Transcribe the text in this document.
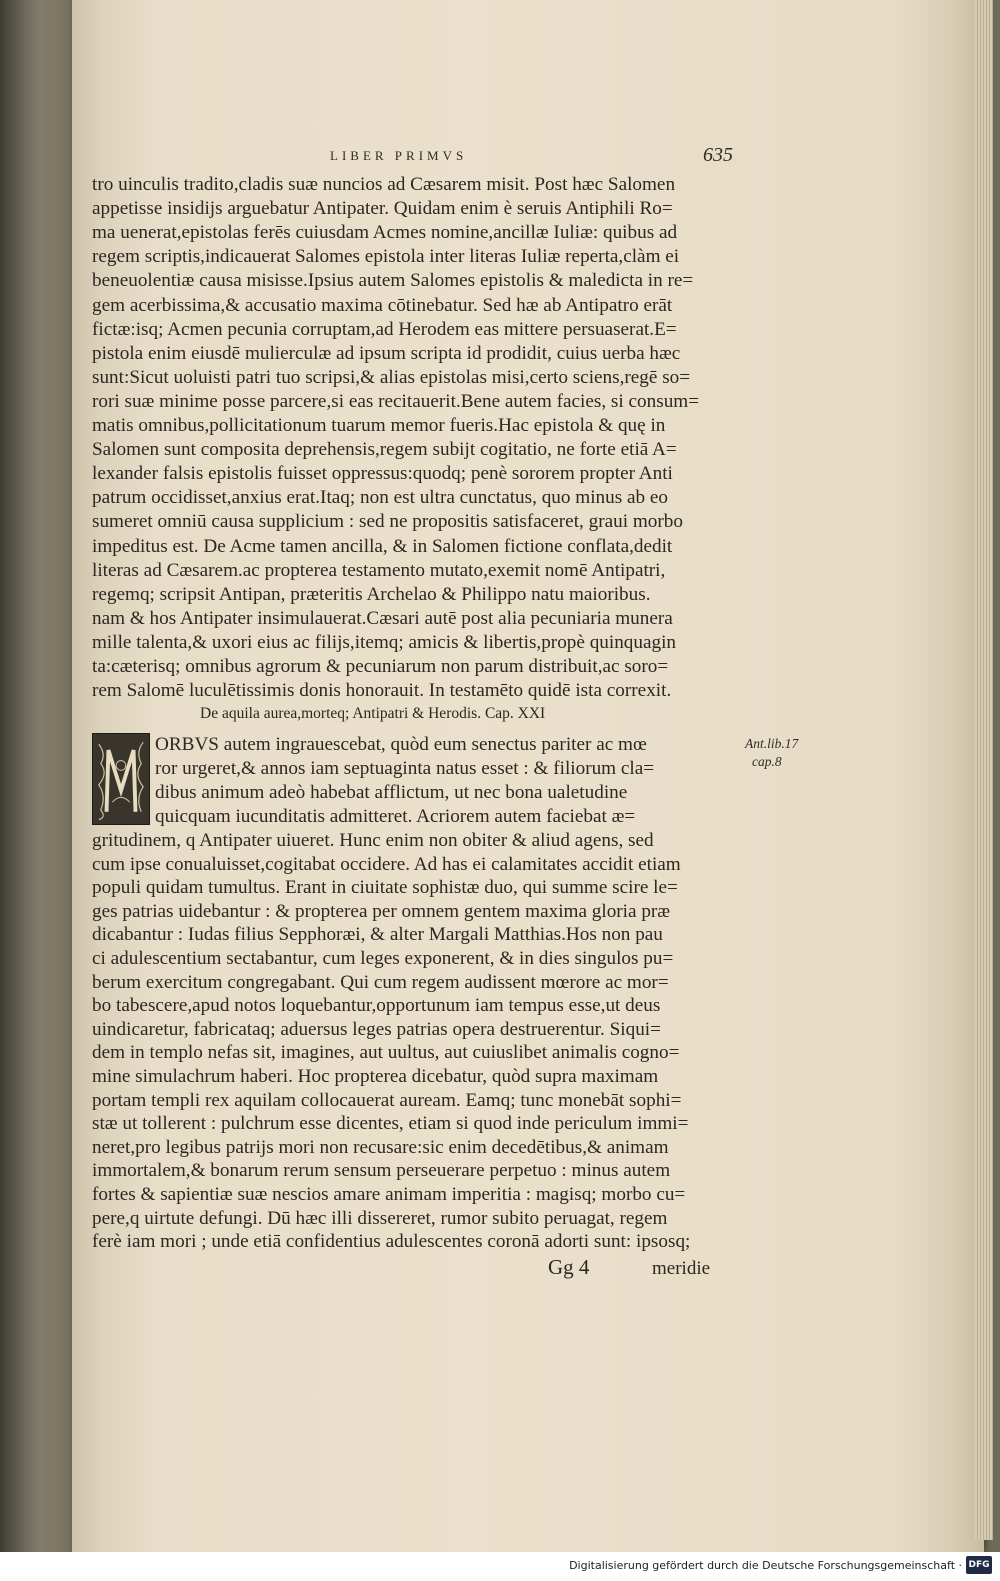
LIBER PRIMVS	635
tro uinculis tradito,cladis suæ nuncios ad Cæsarem misit. Post hæc Salomen
appetisse insidijs arguebatur Antipater. Quidam enim è seruis Antiphili Ro=
ma uenerat,epistolas ferēs cuiusdam Acmes nomine,ancillæ Iuliæ: quibus ad
regem scriptis,indicauerat Salomes epistola inter literas Iuliæ reperta,clàm ei
beneuolentiæ causa misisse.Ipsius autem Salomes epistolis & maledicta in re=
gem acerbissima,& accusatio maxima cōtinebatur. Sed hæ ab Antipatro erāt
fictæ:isq; Acmen pecunia corruptam,ad Herodem eas mittere persuaserat.E=
pistola enim eiusdē mulierculæ ad ipsum scripta id prodidit, cuius uerba hæc
sunt:Sicut uoluisti patri tuo scripsi,& alias epistolas misi,certo sciens,regē so=
rori suæ minime posse parcere,si eas recitauerit.Bene autem facies, si consum=
matis omnibus,pollicitationum tuarum memor fueris.Hac epistola & quę in
Salomen sunt composita deprehensis,regem subijt cogitatio, ne forte etiā A=
lexander falsis epistolis fuisset oppressus:quodq; penè sororem propter Anti
patrum occidisset,anxius erat.Itaq; non est ultra cunctatus, quo minus ab eo
sumeret omniū causa supplicium : sed ne propositis satisfaceret, graui morbo
impeditus est. De Acme tamen ancilla, & in Salomen fictione conflata,dedit
literas ad Cæsarem.ac propterea testamento mutato,exemit nomē Antipatri,
regemq; scripsit Antipan, præteritis Archelao & Philippo natu maioribus.
nam & hos Antipater insimulauerat.Cæsari autē post alia pecuniaria munera
mille talenta,& uxori eius ac filijs,itemq; amicis & libertis,propè quinquagin
ta:cæterisq; omnibus agrorum & pecuniarum non parum distribuit,ac soro=
rem Salomē luculētissimis donis honorauit. In testamēto quidē ista correxit.
De aquila aurea,morteq; Antipatri & Herodis. Cap. XXI
ORBVS autem ingrauescebat, quòd eum senectus pariter ac mœ
ror urgeret,& annos iam septuaginta natus esset : & filiorum cla=
dibus animum adeò habebat afflictum, ut nec bona ualetudine
quicquam iucunditatis admitteret. Acriorem autem faciebat æ=
gritudinem, q Antipater uiueret. Hunc enim non obiter & aliud agens, sed
cum ipse conualuisset,cogitabat occidere. Ad has ei calamitates accidit etiam
populi quidam tumultus. Erant in ciuitate sophistæ duo, qui summe scire le=
ges patrias uidebantur : & propterea per omnem gentem maxima gloria præ
dicabantur : Iudas filius Sepphoræi, & alter Margali Matthias.Hos non pau
ci adulescentium sectabantur, cum leges exponerent, & in dies singulos pu=
berum exercitum congregabant. Qui cum regem audissent mœrore ac mor=
bo tabescere,apud notos loquebantur,opportunum iam tempus esse,ut deus
uindicaretur, fabricataq; aduersus leges patrias opera destruerentur. Siqui=
dem in templo nefas sit, imagines, aut uultus, aut cuiuslibet animalis cogno=
mine simulachrum haberi. Hoc propterea dicebatur, quòd supra maximam
portam templi rex aquilam collocauerat auream. Eamq; tunc monebāt sophi=
stæ ut tollerent : pulchrum esse dicentes, etiam si quod inde periculum immi=
neret,pro legibus patrijs mori non recusare:sic enim decedētibus,& animam
immortalem,& bonarum rerum sensum perseuerare perpetuo : minus autem
fortes & sapientiæ suæ nescios amare animam imperitia : magisq; morbo cu=
pere,q uirtute defungi. Dū hæc illi dissereret, rumor subito peruagat, regem
ferè iam mori ; unde etiā confidentius adulescentes coronā adorti sunt: ipsosq;
Ant.lib.17
cap.8
Gg 4	meridie
Digitalisierung gefördert durch die Deutsche Forschungsgemeinschaft · DFG
